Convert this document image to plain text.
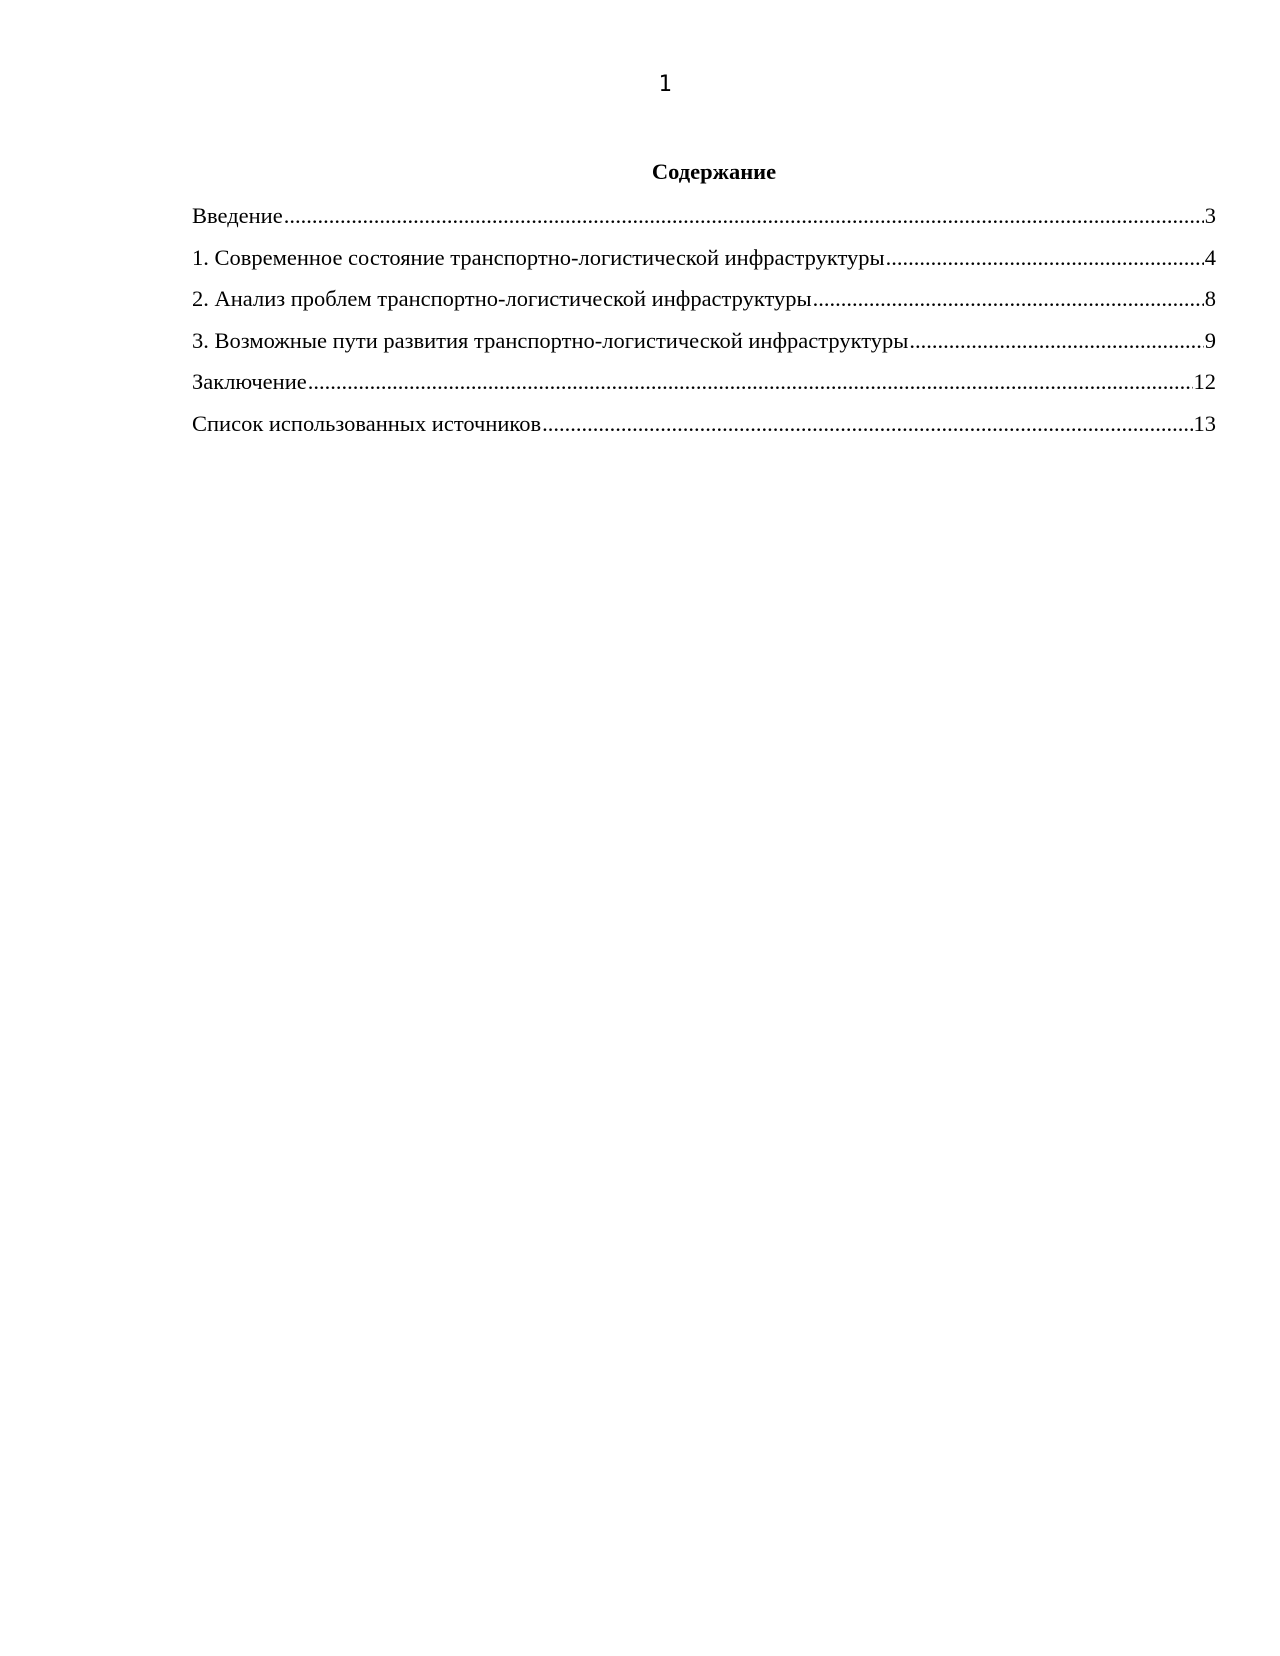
1
Содержание
Введение .....	3
1. Современное состояние транспортно-логистической инфраструктуры .....	4
2. Анализ проблем транспортно-логистической инфраструктуры .....	8
3. Возможные пути развития транспортно-логистической инфраструктуры .....	9
Заключение .....	12
Список использованных источников .....	13
